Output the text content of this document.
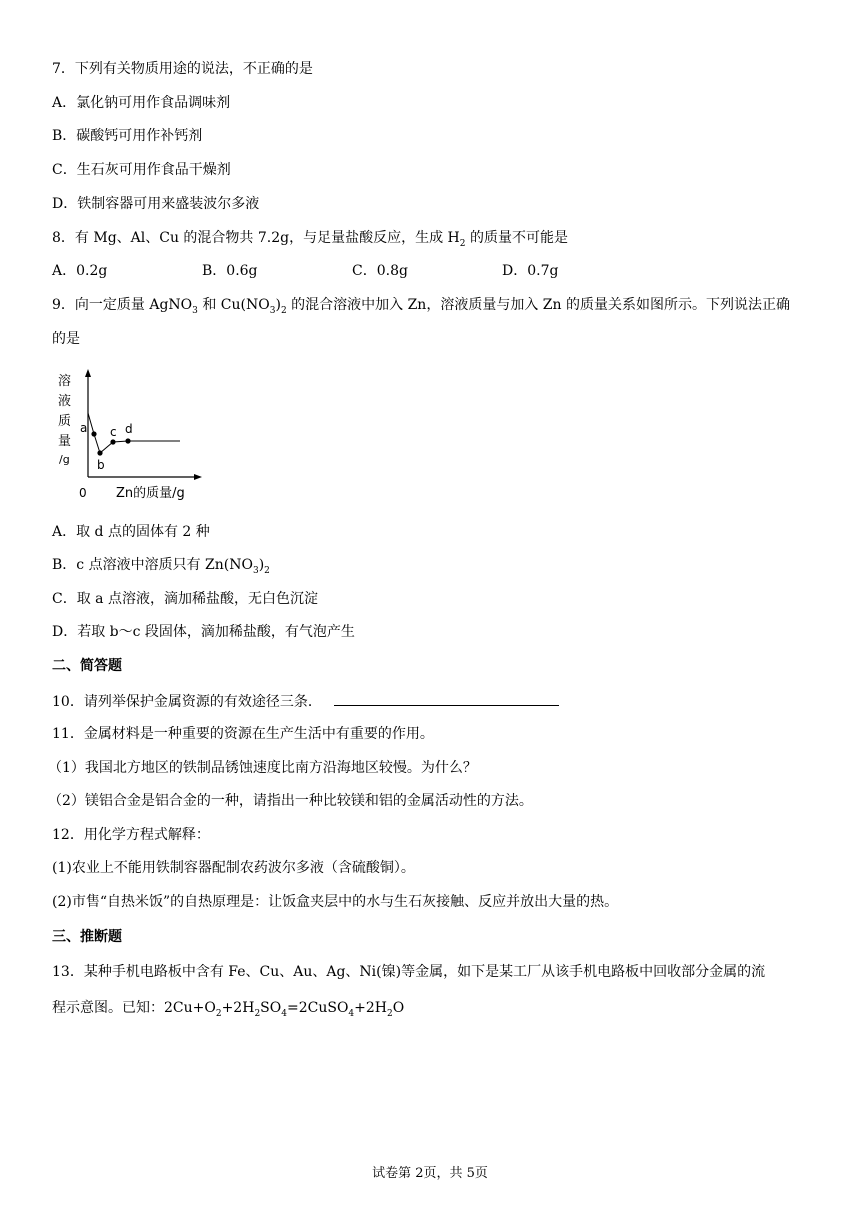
7．下列有关物质用途的说法，不正确的是
A．氯化钠可用作食品调味剂
B．碳酸钙可用作补钙剂
C．生石灰可用作食品干燥剂
D．铁制容器可用来盛装波尔多液
8．有 Mg、Al、Cu 的混合物共 7.2g，与足量盐酸反应，生成 $H_2$ 的质量不可能是
A．0.2g	B．0.6g	C．0.8g	D．0.7g
9．向一定质量 AgNO$_3$ 和 $Cu(NO_3)_2$ 的混合溶液中加入 Zn，溶液质量与加入 Zn 的质量关系如图所示。下列说法正确
的是
溶
液
质
量
/g
a
b
c d
0 Zn的质量/g
A．取 d 点的固体有 2 种
B．c 点溶液中溶质只有 $Zn(NO_3)_2$
C．取 a 点溶液，滴加稀盐酸，无白色沉淀
D．若取 b～c 段固体，滴加稀盐酸，有气泡产生
二、简答题
10．请列举保护金属资源的有效途径三条．
11．金属材料是一种重要的资源在生产生活中有重要的作用。
（1）我国北方地区的铁制品锈蚀速度比南方沿海地区较慢。为什么？
（2）镁铝合金是铝合金的一种，请指出一种比较镁和铝的金属活动性的方法。
12．用化学方程式解释：
(1)农业上不能用铁制容器配制农药波尔多液（含硫酸铜）。
(2)市售“自热米饭”的自热原理是：让饭盒夹层中的水与生石灰接触、反应并放出大量的热。
三、推断题
13．某种手机电路板中含有 Fe、Cu、Au、Ag、Ni(镍)等金属，如下是某工厂从该手机电路板中回收部分金属的流
程示意图。已知：$2Cu+O_2+2H_2SO_4=2CuSO_4+2H_2O$
试卷第 2页，共 5页
